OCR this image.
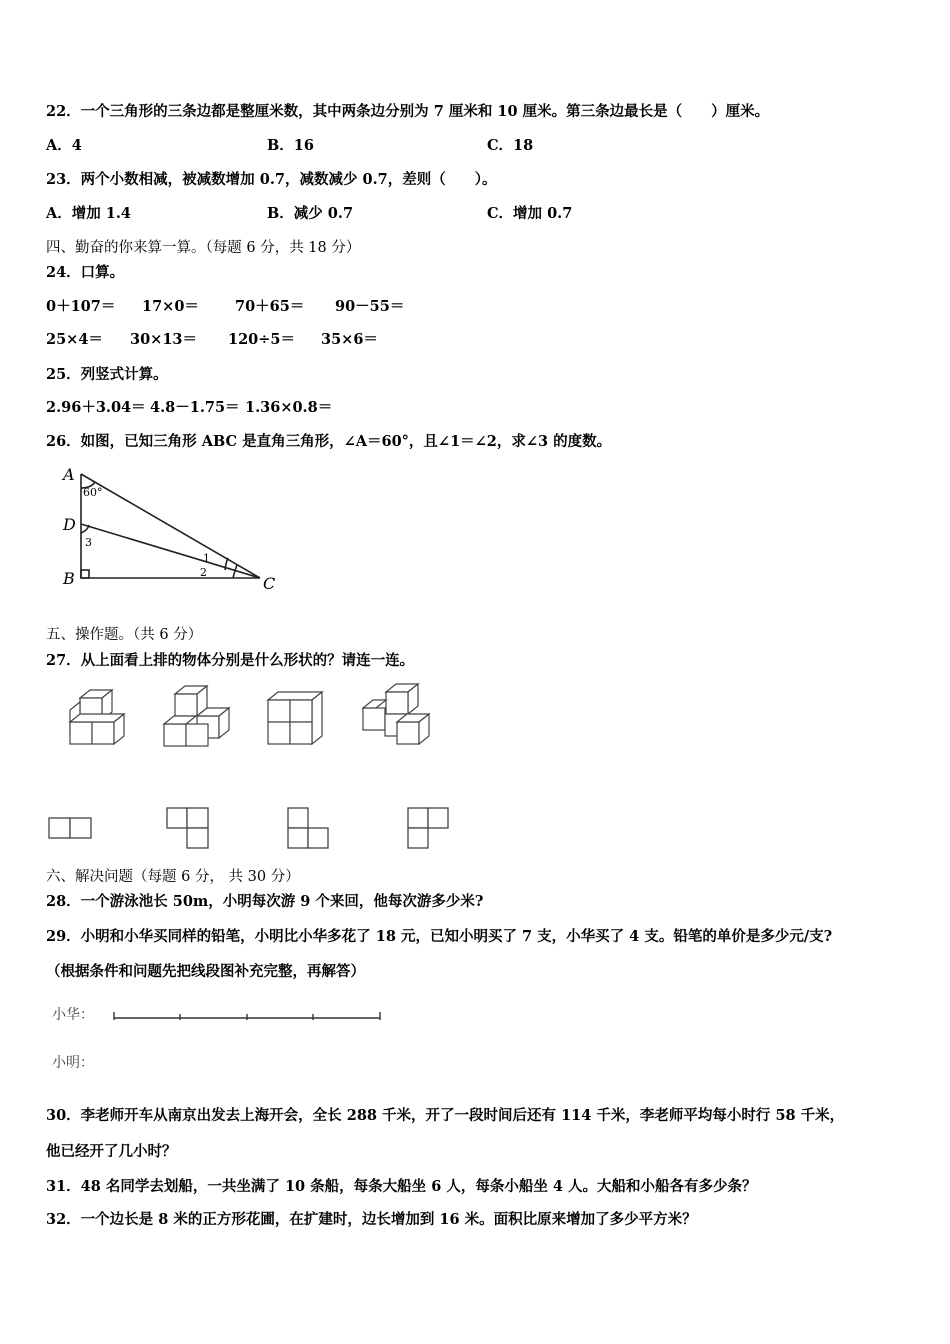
22．一个三角形的三条边都是整厘米数，其中两条边分别为 7 厘米和 10 厘米。第三条边最长是（　　）厘米。
A．4	B．16	C．18
23．两个小数相减，被减数增加 0.7，减数减少 0.7，差则（　　）。
A．增加 1.4	B．减少 0.7	C．增加 0.7
四、勤奋的你来算一算。（每题 6 分，共 18 分）
24．口算。
0＋107＝ 17×0＝ 70＋65＝ 90－55＝
25×4＝ 30×13＝ 120÷5＝ 35×6＝
25．列竖式计算。
2.96＋3.04＝ 4.8－1.75＝ 1.36×0.8＝
26．如图，已知三角形 ABC 是直角三角形，∠A＝60°，且∠1＝∠2，求∠3 的度数。
A
D
B	C
60°
3
2
1
五、操作题。（共 6 分）
27．从上面看上排的物体分别是什么形状的？请连一连。
六、解决问题（每题 6 分， 共 30 分）
28．一个游泳池长 50m，小明每次游 9 个来回，他每次游多少米?
29．小明和小华买同样的铅笔，小明比小华多花了 18 元，已知小明买了 7 支，小华买了 4 支。铅笔的单价是多少元/支?
（根据条件和问题先把线段图补充完整，再解答）
小华：
小明：
30．李老师开车从南京出发去上海开会，全长 288 千米，开了一段时间后还有 114 千米，李老师平均每小时行 58 千米，
他已经开了几小时？
31．48 名同学去划船，一共坐满了 10 条船，每条大船坐 6 人，每条小船坐 4 人。大船和小船各有多少条？
32．一个边长是 8 米的正方形花圃，在扩建时，边长增加到 16 米。面积比原来增加了多少平方米？
